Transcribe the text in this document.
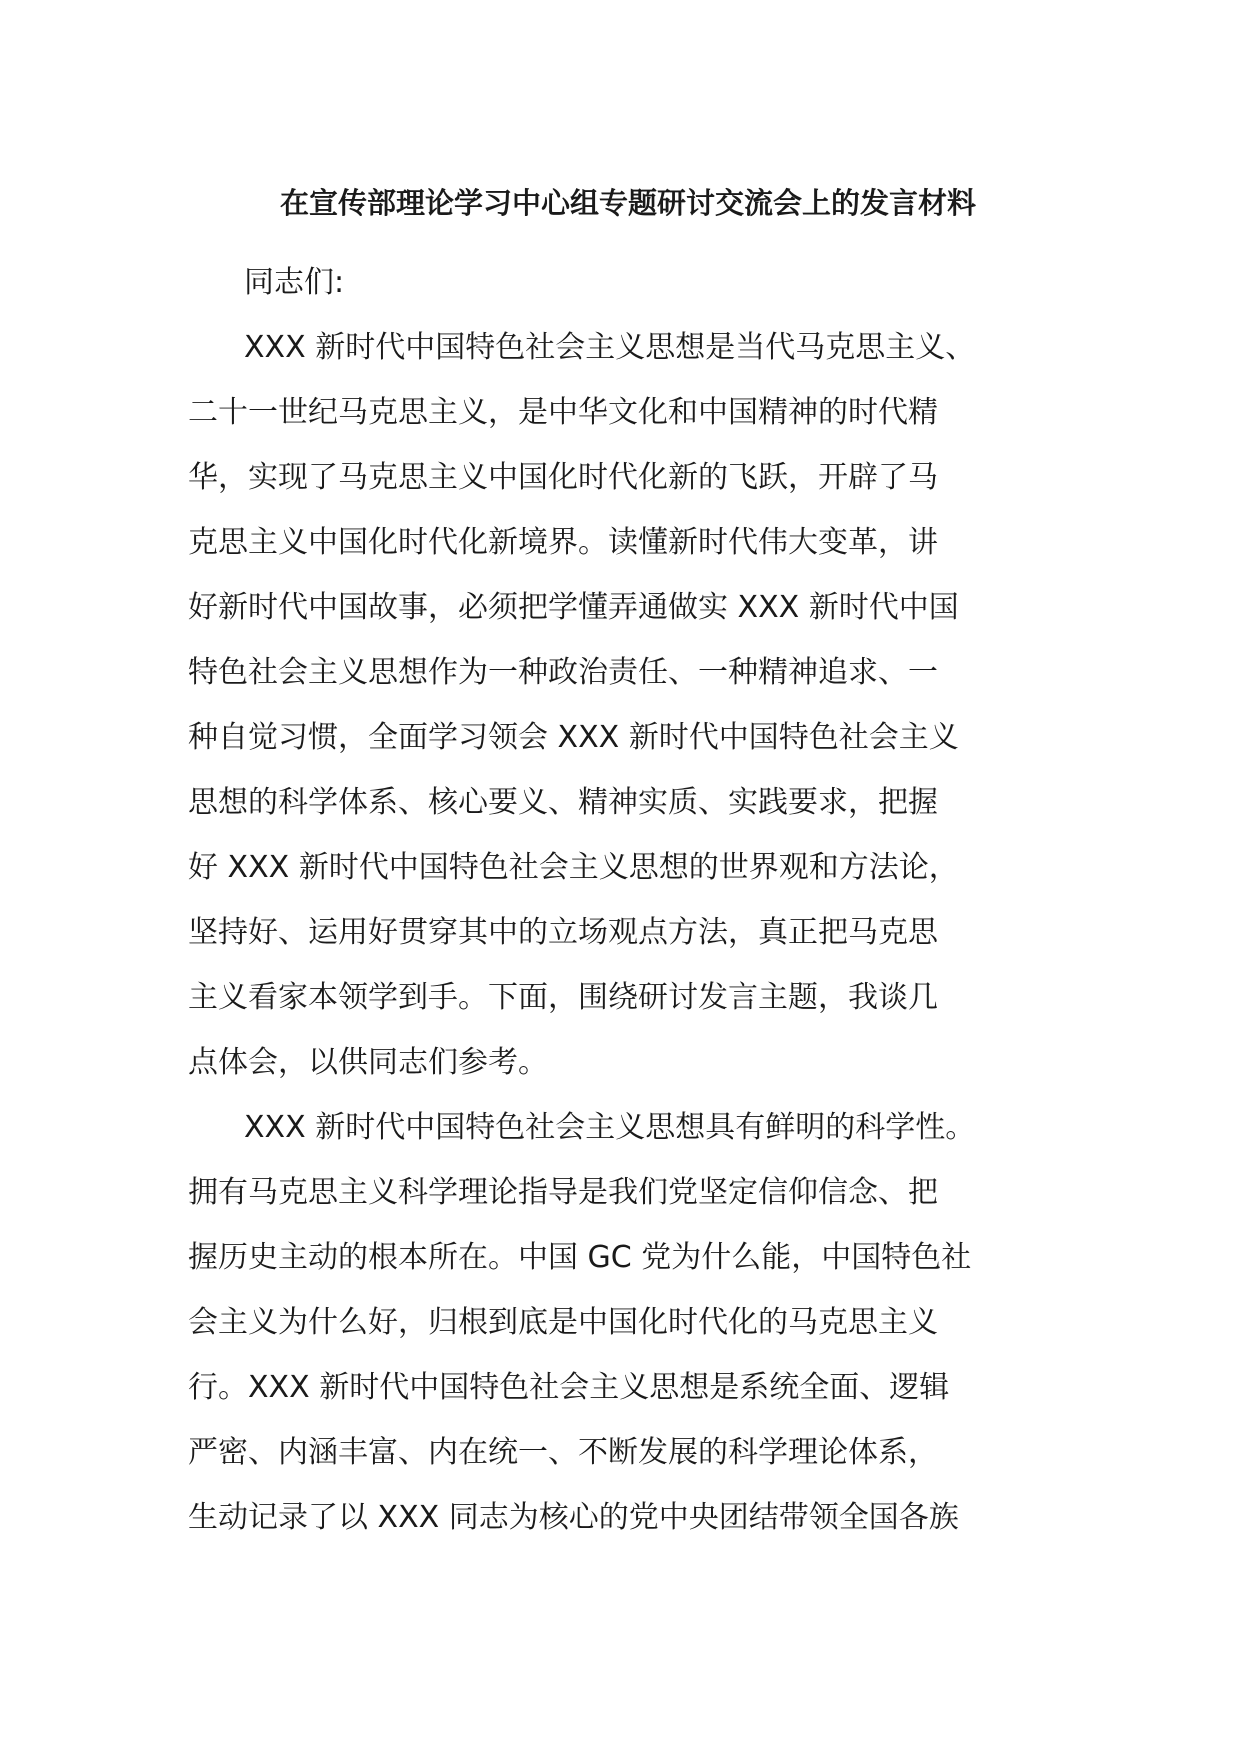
在宣传部理论学习中心组专题研讨交流会上的发言材料

同志们:

XXX 新时代中国特色社会主义思想是当代马克思主义、
二十一世纪马克思主义，是中华文化和中国精神的时代精
华，实现了马克思主义中国化时代化新的飞跃，开辟了马
克思主义中国化时代化新境界。读懂新时代伟大变革，讲
好新时代中国故事，必须把学懂弄通做实 XXX 新时代中国
特色社会主义思想作为一种政治责任、一种精神追求、一
种自觉习惯，全面学习领会 XXX 新时代中国特色社会主义
思想的科学体系、核心要义、精神实质、实践要求，把握
好 XXX 新时代中国特色社会主义思想的世界观和方法论，
坚持好、运用好贯穿其中的立场观点方法，真正把马克思
主义看家本领学到手。下面，围绕研讨发言主题，我谈几
点体会，以供同志们参考。

XXX 新时代中国特色社会主义思想具有鲜明的科学性。
拥有马克思主义科学理论指导是我们党坚定信仰信念、把
握历史主动的根本所在。中国 GC 党为什么能，中国特色社
会主义为什么好，归根到底是中国化时代化的马克思主义
行。XXX 新时代中国特色社会主义思想是系统全面、逻辑
严密、内涵丰富、内在统一、不断发展的科学理论体系，
生动记录了以 XXX 同志为核心的党中央团结带领全国各族
